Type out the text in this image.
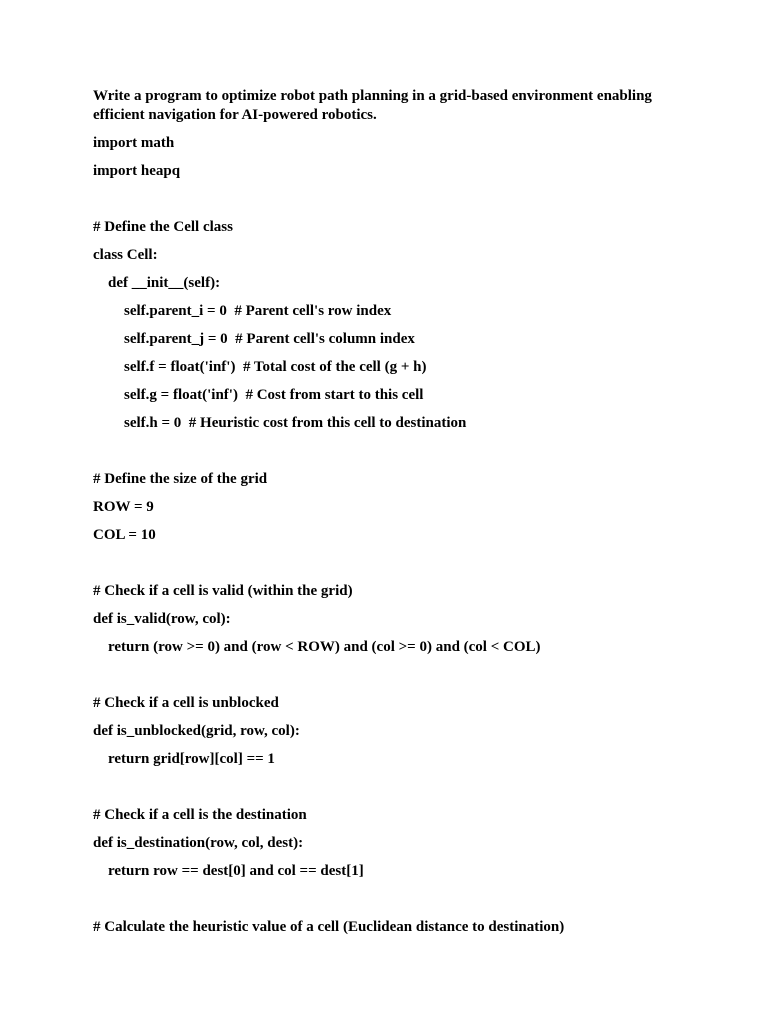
Write a program to optimize robot path planning in a grid-based environment enabling efficient navigation for AI-powered robotics.
import math
import heapq
# Define the Cell class
class Cell:
def __init__(self):
self.parent_i = 0  # Parent cell's row index
self.parent_j = 0  # Parent cell's column index
self.f = float('inf')  # Total cost of the cell (g + h)
self.g = float('inf')  # Cost from start to this cell
self.h = 0  # Heuristic cost from this cell to destination
# Define the size of the grid
ROW = 9
COL = 10
# Check if a cell is valid (within the grid)
def is_valid(row, col):
return (row >= 0) and (row < ROW) and (col >= 0) and (col < COL)
# Check if a cell is unblocked
def is_unblocked(grid, row, col):
return grid[row][col] == 1
# Check if a cell is the destination
def is_destination(row, col, dest):
return row == dest[0] and col == dest[1]
# Calculate the heuristic value of a cell (Euclidean distance to destination)
